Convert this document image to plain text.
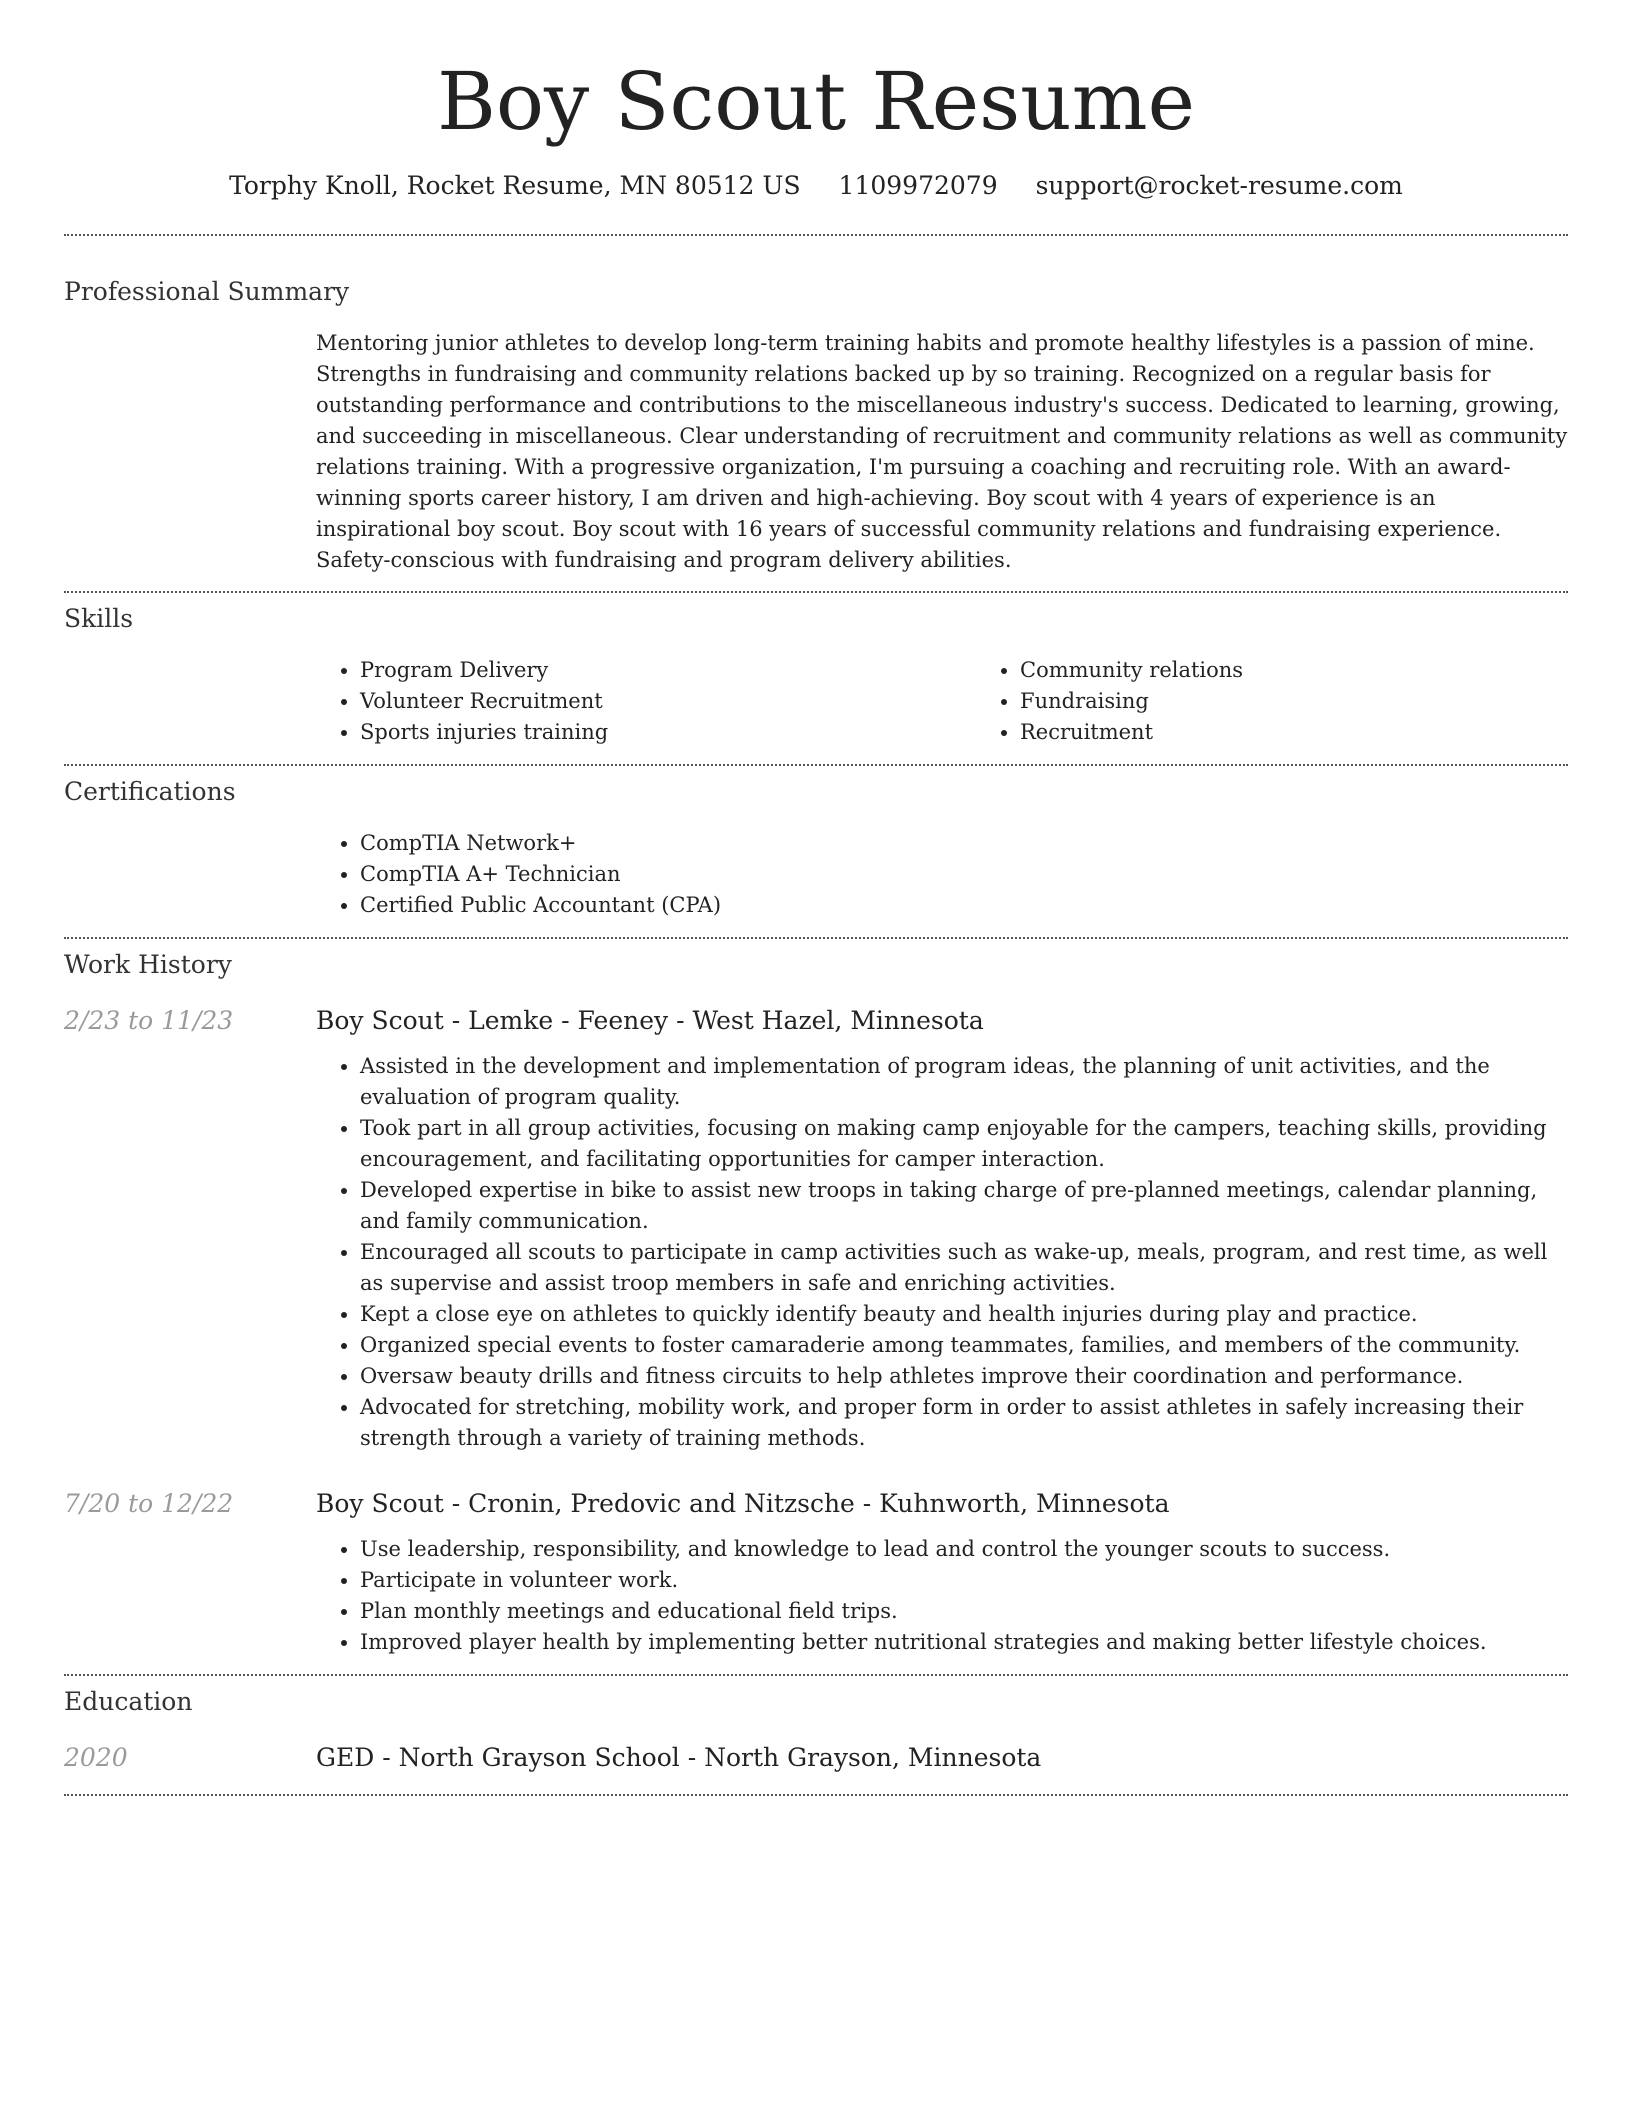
Boy Scout Resume
Torphy Knoll, Rocket Resume, MN 80512 US 1109972079 support@rocket-resume.com
Professional Summary

Mentoring junior athletes to develop long-term training habits and promote healthy lifestyles is a passion of mine. Strengths in fundraising and community relations backed up by so training. Recognized on a regular basis for outstanding performance and contributions to the miscellaneous industry's success. Dedicated to learning, growing, and succeeding in miscellaneous. Clear understanding of recruitment and community relations as well as community relations training. With a progressive organization, I'm pursuing a coaching and recruiting role. With an award-winning sports career history, I am driven and high-achieving. Boy scout with 4 years of experience is an inspirational boy scout. Boy scout with 16 years of successful community relations and fundraising experience. Safety-conscious with fundraising and program delivery abilities.

Skills
• Program Delivery
• Volunteer Recruitment
• Sports injuries training
• Community relations
• Fundraising
• Recruitment
Certifications
• CompTIA Network+
• CompTIA A+ Technician
• Certified Public Accountant (CPA)
Work History
2/23 to 11/23	Boy Scout - Lemke - Feeney - West Hazel, Minnesota
• Assisted in the development and implementation of program ideas, the planning of unit activities, and the evaluation of program quality.
• Took part in all group activities, focusing on making camp enjoyable for the campers, teaching skills, providing encouragement, and facilitating opportunities for camper interaction.
• Developed expertise in bike to assist new troops in taking charge of pre-planned meetings, calendar planning, and family communication.
• Encouraged all scouts to participate in camp activities such as wake-up, meals, program, and rest time, as well as supervise and assist troop members in safe and enriching activities.
• Kept a close eye on athletes to quickly identify beauty and health injuries during play and practice.
• Organized special events to foster camaraderie among teammates, families, and members of the community.
• Oversaw beauty drills and fitness circuits to help athletes improve their coordination and performance.
• Advocated for stretching, mobility work, and proper form in order to assist athletes in safely increasing their strength through a variety of training methods.
7/20 to 12/22	Boy Scout - Cronin, Predovic and Nitzsche - Kuhnworth, Minnesota
• Use leadership, responsibility, and knowledge to lead and control the younger scouts to success.
• Participate in volunteer work.
• Plan monthly meetings and educational field trips.
• Improved player health by implementing better nutritional strategies and making better lifestyle choices.
Education
2020	GED - North Grayson School - North Grayson, Minnesota
